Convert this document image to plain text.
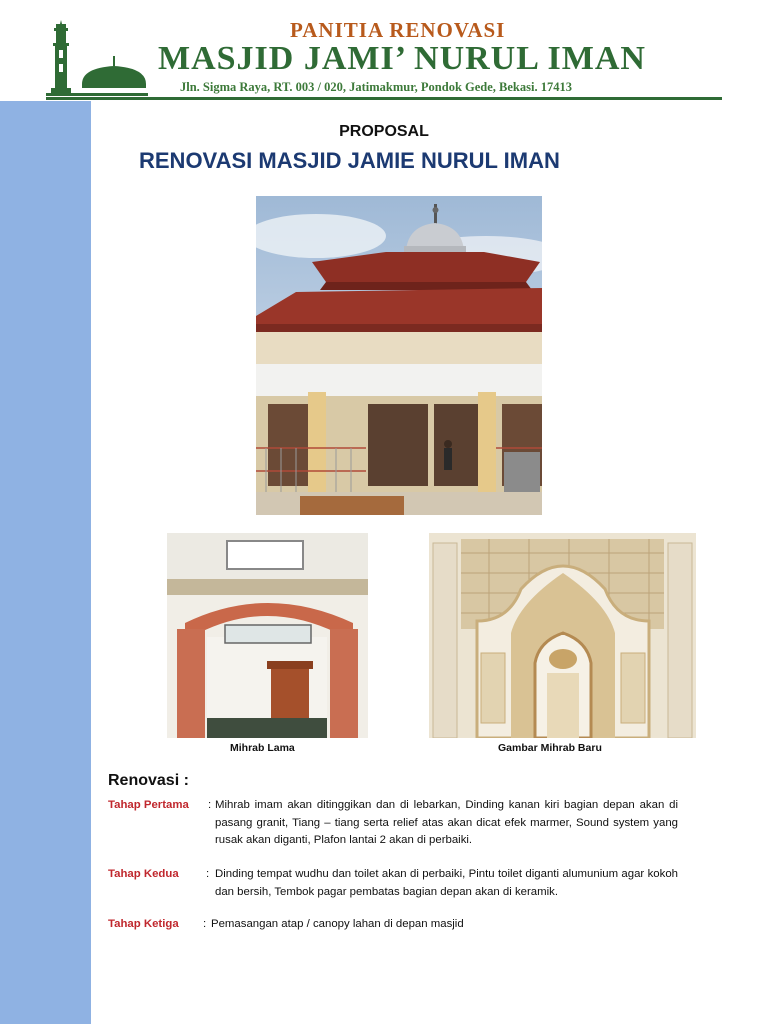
PANITIA RENOVASI
MASJID JAMI’ NURUL IMAN
Jln. Sigma Raya, RT. 003 / 020, Jatimakmur, Pondok Gede, Bekasi. 17413
PROPOSAL
RENOVASI MASJID JAMIE NURUL IMAN
Mihrab Lama	Gambar Mihrab Baru
Renovasi :
Tahap Pertama : Mihrab imam akan ditinggikan dan di lebarkan, Dinding kanan kiri bagian depan akan di pasang granit, Tiang – tiang serta relief atas akan dicat efek marmer, Sound system yang rusak akan diganti, Plafon lantai 2 akan di perbaiki.
Tahap Kedua : Dinding tempat wudhu dan toilet akan di perbaiki, Pintu toilet diganti alumunium agar kokoh dan bersih, Tembok pagar pembatas bagian depan akan di keramik.
Tahap Ketiga : Pemasangan atap / canopy lahan di depan masjid
